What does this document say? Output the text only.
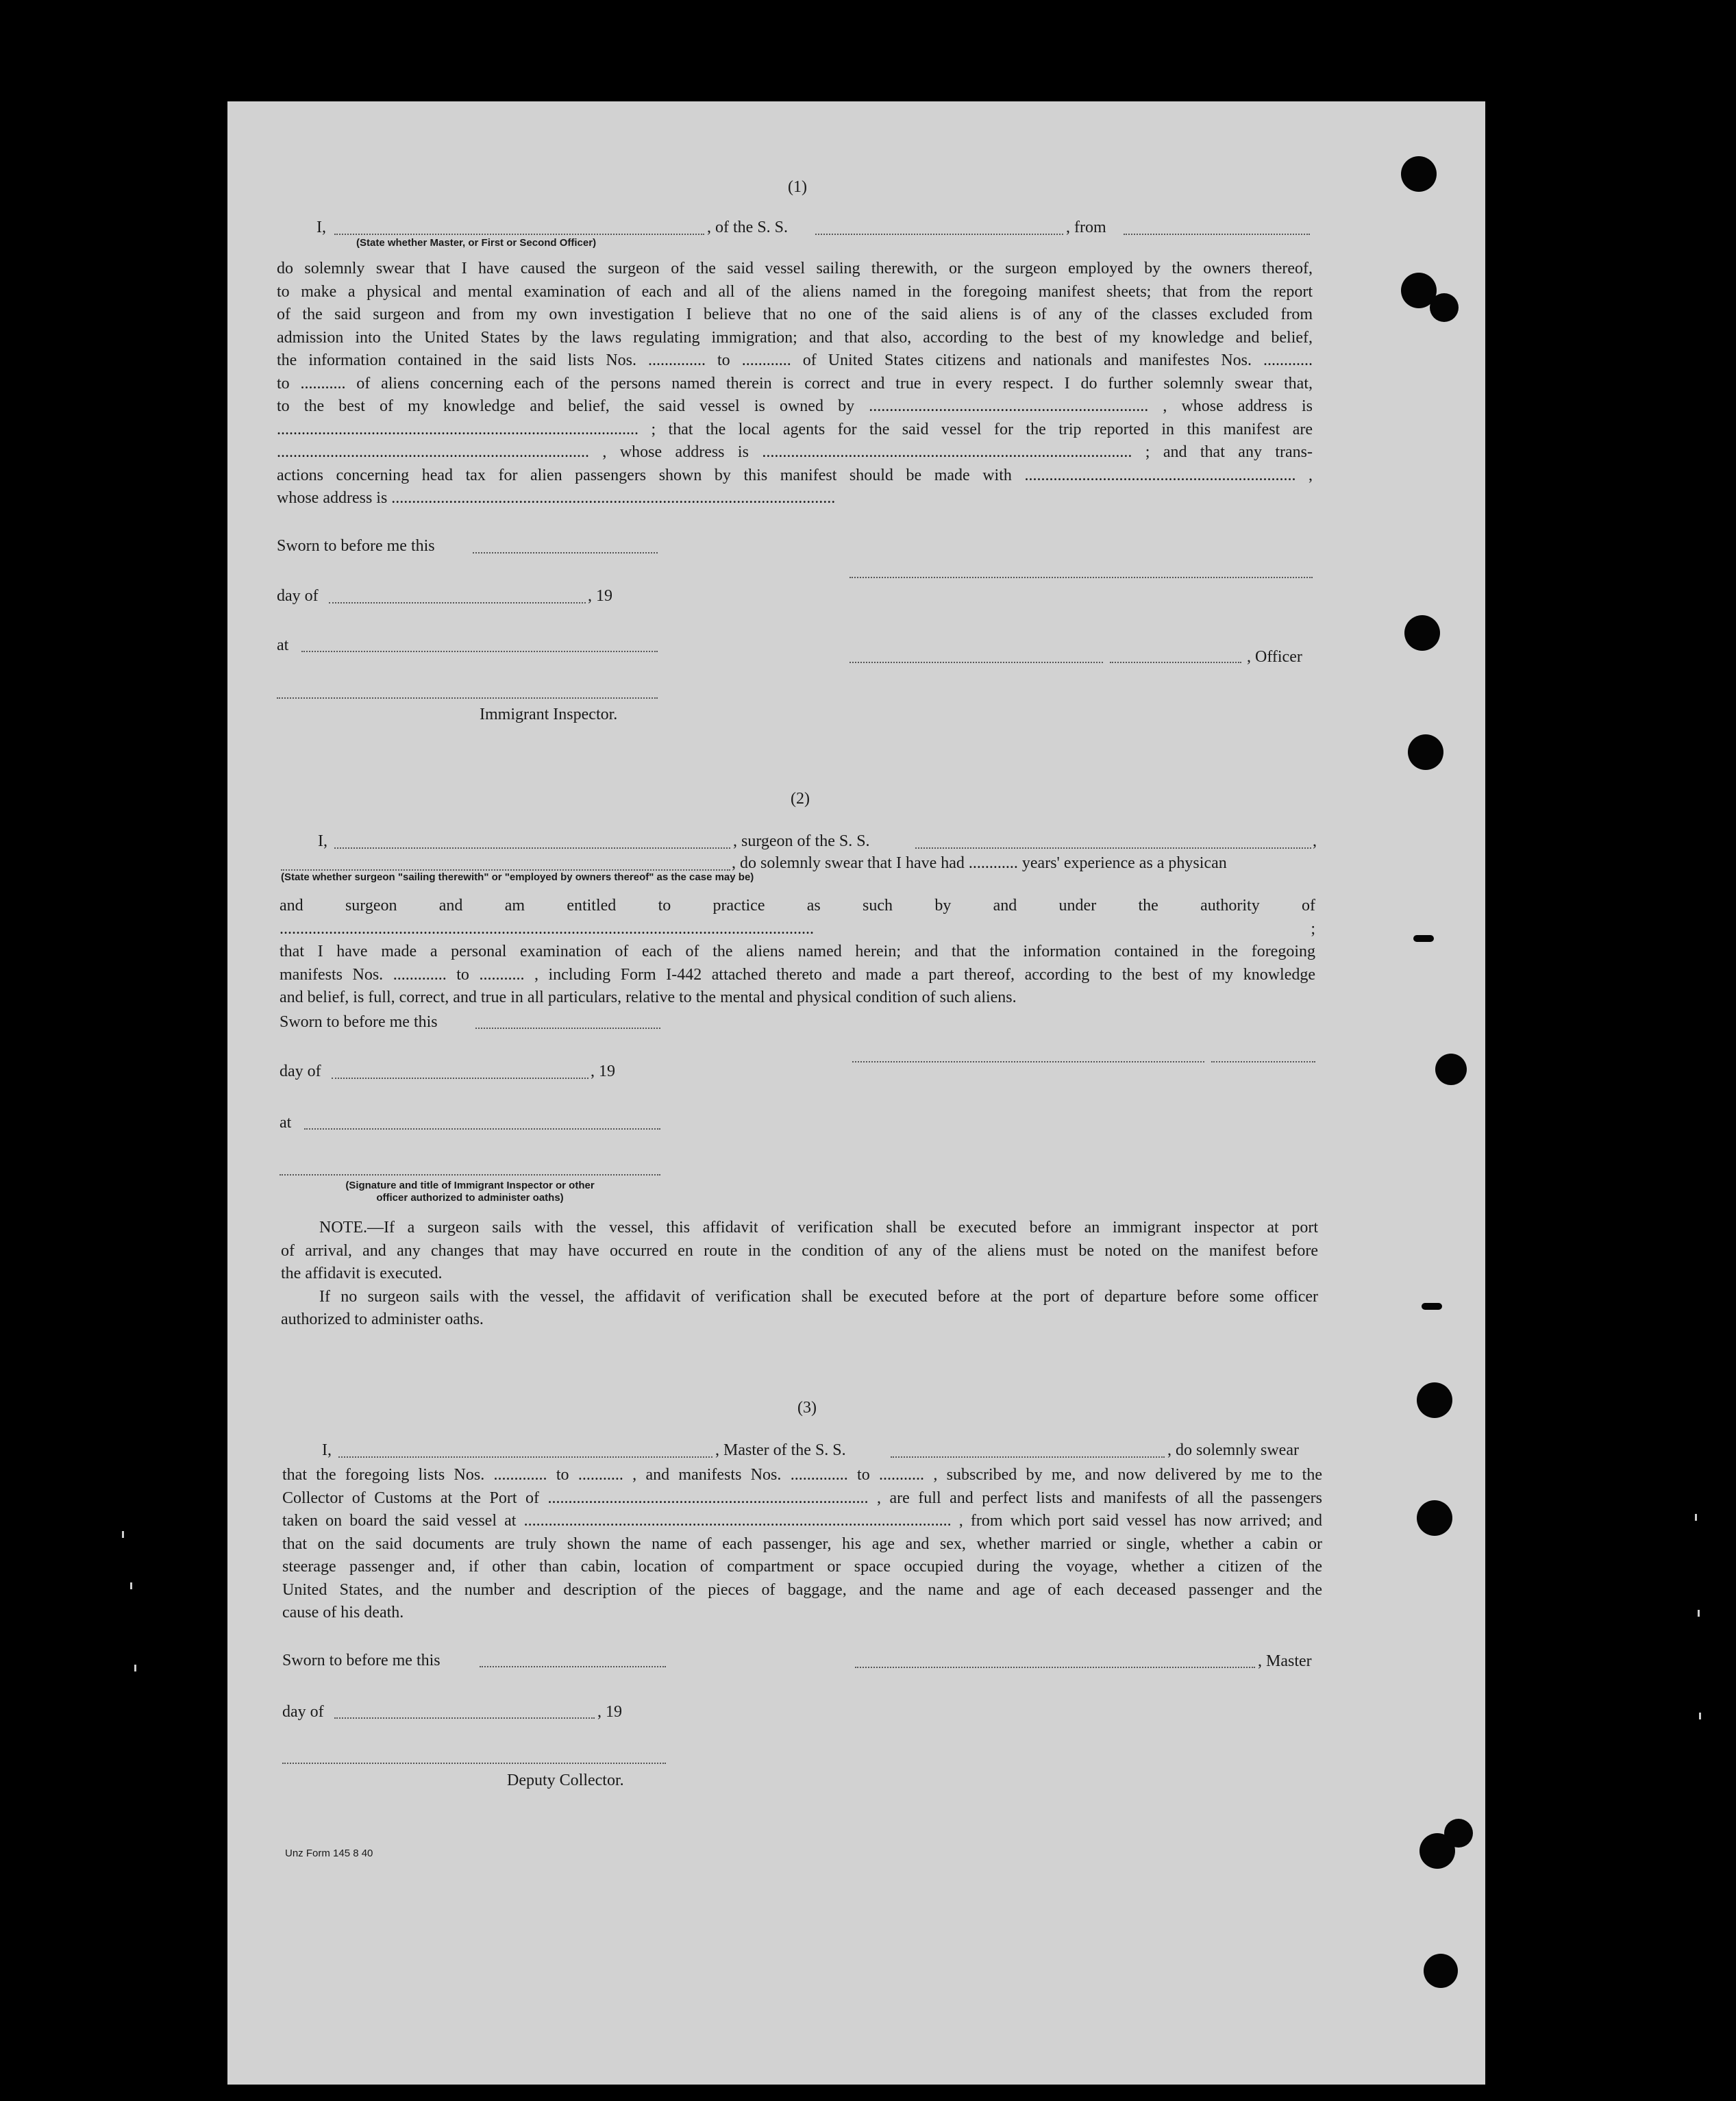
(1)
I,	, of the S. S.	, from
(State whether Master, or First or Second Officer)

do solemnly swear that I have caused the surgeon of the said vessel sailing therewith, or the surgeon employed by the owners thereof,

to make a physical and mental examination of each and all of the aliens named in the foregoing manifest sheets; that from the report

of the said surgeon and from my own investigation I believe that no one of the said aliens is of any of the classes excluded from

admission into the United States by the laws regulating immigration; and that also, according to the best of my knowledge and belief,

the information contained in the said lists Nos. .............. to ............ of United States citizens and nationals and manifestes Nos. ............

to ........... of aliens concerning each of the persons named therein is correct and true in every respect. I do further solemnly swear that,

to the best of my knowledge and belief, the said vessel is owned by .................................................................... , whose address is

........................................................................................ ; that the local agents for the said vessel for the trip reported in this manifest are

............................................................................ , whose address is .......................................................................................... ; and that any trans-

actions concerning head tax for alien passengers shown by this manifest should be made with .................................................................. ,

whose address is ............................................................................................................

Sworn to before me this
day of	, 19
at
, Officer
Immigrant Inspector.
(2)
I,	, surgeon of the S. S.	,
, do solemnly swear that I have had ............ years' experience as a physican
(State whether surgeon "sailing therewith" or "employed by owners thereof" as the case may be)

and surgeon and am entitled to practice as such by and under the authority of .................................................................................................................................. ;

that I have made a personal examination of each of the aliens named herein; and that the information contained in the foregoing

manifests Nos. ............. to ........... , including Form I-442 attached thereto and made a part thereof, according to the best of my knowledge

and belief, is full, correct, and true in all particulars, relative to the mental and physical condition of such aliens.

Sworn to before me this
day of	, 19
at
(Signature and title of Immigrant Inspector or other
officer authorized to administer oaths)

NOTE.—If a surgeon sails with the vessel, this affidavit of verification shall be executed before an immigrant inspector at port

of arrival, and any changes that may have occurred en route in the condition of any of the aliens must be noted on the manifest before

the affidavit is executed.

If no surgeon sails with the vessel, the affidavit of verification shall be executed before at the port of departure before some officer

authorized to administer oaths.

(3)
I,	, Master of the S. S.	, do solemnly swear

that the foregoing lists Nos. ............. to ........... , and manifests Nos. .............. to ........... , subscribed by me, and now delivered by me to the

Collector of Customs at the Port of .............................................................................. , are full and perfect lists and manifests of all the passengers

taken on board the said vessel at ........................................................................................................ , from which port said vessel has now arrived; and

that on the said documents are truly shown the name of each passenger, his age and sex, whether married or single, whether a cabin or

steerage passenger and, if other than cabin, location of compartment or space occupied during the voyage, whether a citizen of the

United States, and the number and description of the pieces of baggage, and the name and age of each deceased passenger and the

cause of his death.

Sworn to before me this	, Master
day of	, 19
Deputy Collector.
Unz Form 145 8 40
